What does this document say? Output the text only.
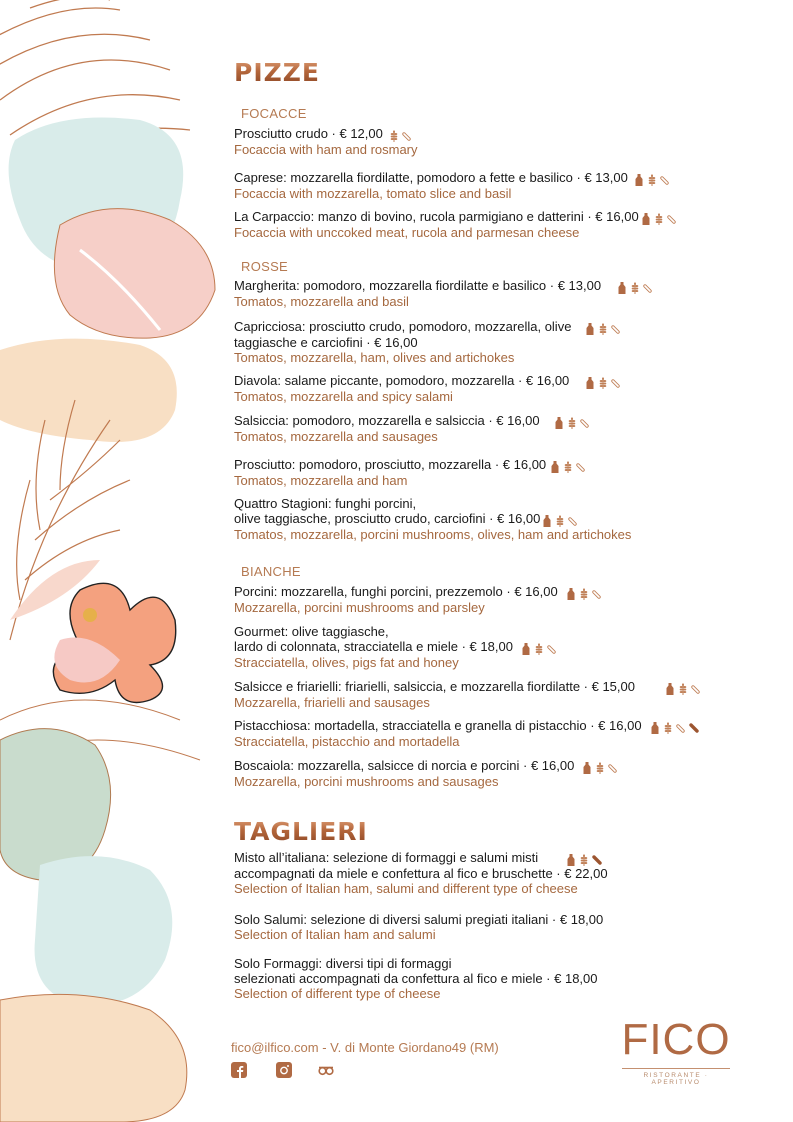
PIZZE
TAGLIERI
FOCACCE
Prosciutto crudo · € 12,00
Focaccia with ham and rosmary
Caprese: mozzarella fiordilatte, pomodoro a fette e basilico · € 13,00
Focaccia with mozzarella, tomato slice and basil
La Carpaccio: manzo di bovino, rucola parmigiano e datterini · € 16,00
Focaccia with unccoked meat, rucola and parmesan cheese
ROSSE
Margherita: pomodoro, mozzarella fiordilatte e basilico · € 13,00
Tomatos, mozzarella and basil
Capricciosa: prosciutto crudo, pomodoro, mozzarella, olive
taggiasche e carciofini · € 16,00
Tomatos, mozzarella, ham, olives and artichokes
Diavola: salame piccante, pomodoro, mozzarella · € 16,00
Tomatos, mozzarella and spicy salami
Salsiccia: pomodoro, mozzarella e salsiccia · € 16,00
Tomatos, mozzarella and sausages
Prosciutto: pomodoro, prosciutto, mozzarella · € 16,00
Tomatos, mozzarella and ham
Quattro Stagioni: funghi porcini,
olive taggiasche, prosciutto crudo, carciofini · € 16,00
Tomatos, mozzarella, porcini mushrooms, olives, ham and artichokes
BIANCHE
Porcini: mozzarella, funghi porcini, prezzemolo · € 16,00
Mozzarella, porcini mushrooms and parsley
Gourmet: olive taggiasche,
lardo di colonnata, stracciatella e miele · € 18,00
Stracciatella, olives, pigs fat and honey
Salsicce e friarielli: friarielli, salsiccia, e mozzarella fiordilatte · € 15,00
Mozzarella, friarielli and sausages
Pistacchiosa: mortadella, stracciatella e granella di pistacchio · € 16,00
Stracciatella, pistacchio and mortadella
Boscaiola: mozzarella, salsicce di norcia e porcini · € 16,00
Mozzarella, porcini mushrooms and sausages
Misto all’italiana: selezione di formaggi e salumi misti
accompagnati da miele e confettura al fico e bruschette · € 22,00
Selection of Italian ham, salumi and different type of cheese
Solo Salumi: selezione di diversi salumi pregiati italiani · € 18,00
Selection of Italian ham and salumi
Solo Formaggi: diversi tipi di formaggi
selezionati accompagnati da confettura al fico e miele · € 18,00
Selection of different type of cheese
fico@ilfico.com - V. di Monte Giordano49 (RM)	FICO
RISTORANTE · APERITIVO
